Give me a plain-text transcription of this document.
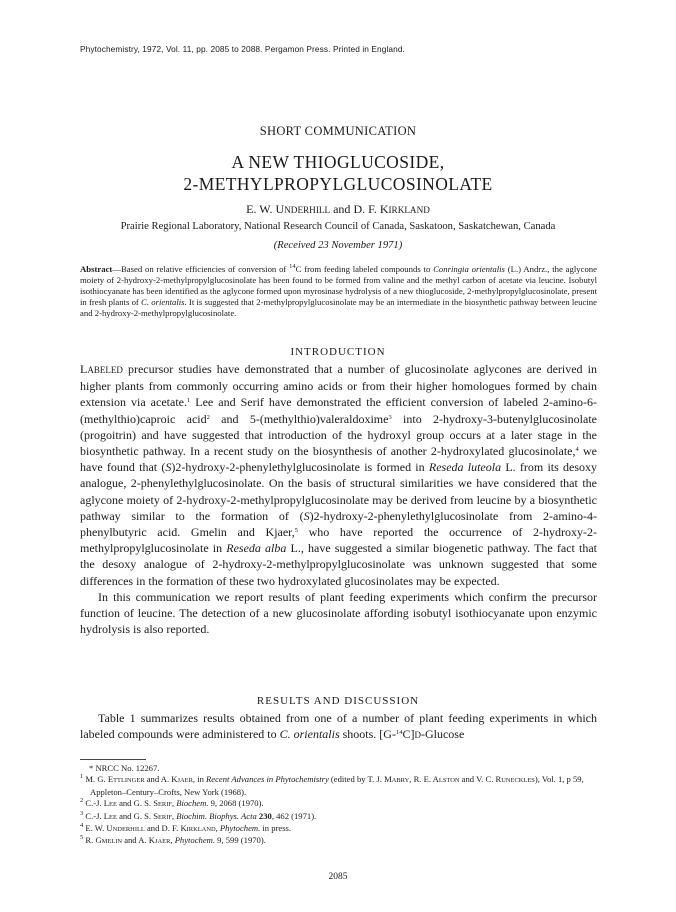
Phytochemistry, 1972, Vol. 11, pp. 2085 to 2088. Pergamon Press. Printed in England.
SHORT COMMUNICATION
A NEW THIOGLUCOSIDE,
2-METHYLPROPYLGLUCOSINOLATE
E. W. UNDERHILL and D. F. KIRKLAND
Prairie Regional Laboratory, National Research Council of Canada, Saskatoon, Saskatchewan, Canada
(Received 23 November 1971)

Abstract—Based on relative efficiencies of conversion of $^{14}$C from feeding labeled compounds to Conringia orientalis (L.) Andrz., the aglycone moiety of 2-hydroxy-2-methylpropylglucosinolate has been found to be formed from valine and the methyl carbon of acetate via leucine. Isobutyl isothiocyanate has been identified as the aglycone formed upon myrosinase hydrolysis of a new thioglucoside, 2-methylpropylglucosinolate, present in fresh plants of C. orientalis. It is suggested that 2-methylpropylglucosinolate may be an intermediate in the biosynthetic pathway between leucine and 2-hydroxy-2-methylpropylglucosinolate.

INTRODUCTION

LABELED precursor studies have demonstrated that a number of glucosinolate aglycones are derived in higher plants from commonly occurring amino acids or from their higher homologues formed by chain extension via acetate.$^1$ Lee and Serif have demonstrated the efficient conversion of labeled 2-amino-6-(methylthio)caproic acid$^2$ and 5-(methylthio)valeraldoxime$^3$ into 2-hydroxy-3-butenylglucosinolate (progoitrin) and have suggested that introduction of the hydroxyl group occurs at a later stage in the biosynthetic pathway. In a recent study on the biosynthesis of another 2-hydroxylated glucosinolate,$^4$ we have found that (S)2-hydroxy-2-phenylethylglucosinolate is formed in Reseda luteola L. from its desoxy analogue, 2-phenylethylglucosinolate. On the basis of structural similarities we have considered that the aglycone moiety of 2-hydroxy-2-methylpropylglucosinolate may be derived from leucine by a biosynthetic pathway similar to the formation of (S)2-hydroxy-2-phenylethylglucosinolate from 2-amino-4-phenylbutyric acid. Gmelin and Kjaer,$^5$ who have reported the occurrence of 2-hydroxy-2-methylpropylglucosinolate in Reseda alba L., have suggested a similar biogenetic pathway. The fact that the desoxy analogue of 2-hydroxy-2-methylpropylglucosinolate was unknown suggested that some differences in the formation of these two hydroxylated glucosinolates may be expected.

In this communication we report results of plant feeding experiments which confirm the precursor function of leucine. The detection of a new glucosinolate affording isobutyl isothiocyanate upon enzymic hydrolysis is also reported.

RESULTS AND DISCUSSION

Table 1 summarizes results obtained from one of a number of plant feeding experiments in which labeled compounds were administered to C. orientalis shoots. [G-$^{14}$C]D-Glucose

* NRCC No. 12267.

$^1$ M. G. ETTLINGER and A. KJAER, in Recent Advances in Phytochemistry (edited by T. J. MABRY, R. E. ALSTON and V. C. RUNECKLES), Vol. 1, p 59, Appleton–Century–Crofts, New York (1968).

$^2$ C.-J. LEE and G. S. SERIF, Biochem. 9, 2068 (1970).

$^3$ C.-J. LEE and G. S. SERIF, Biochim. Biophys. Acta 230, 462 (1971).

$^4$ E. W. UNDERHILL and D. F. KIRKLAND, Phytochem. in press.

$^5$ R. GMELIN and A. KJAER, Phytochem. 9, 599 (1970).

2085
